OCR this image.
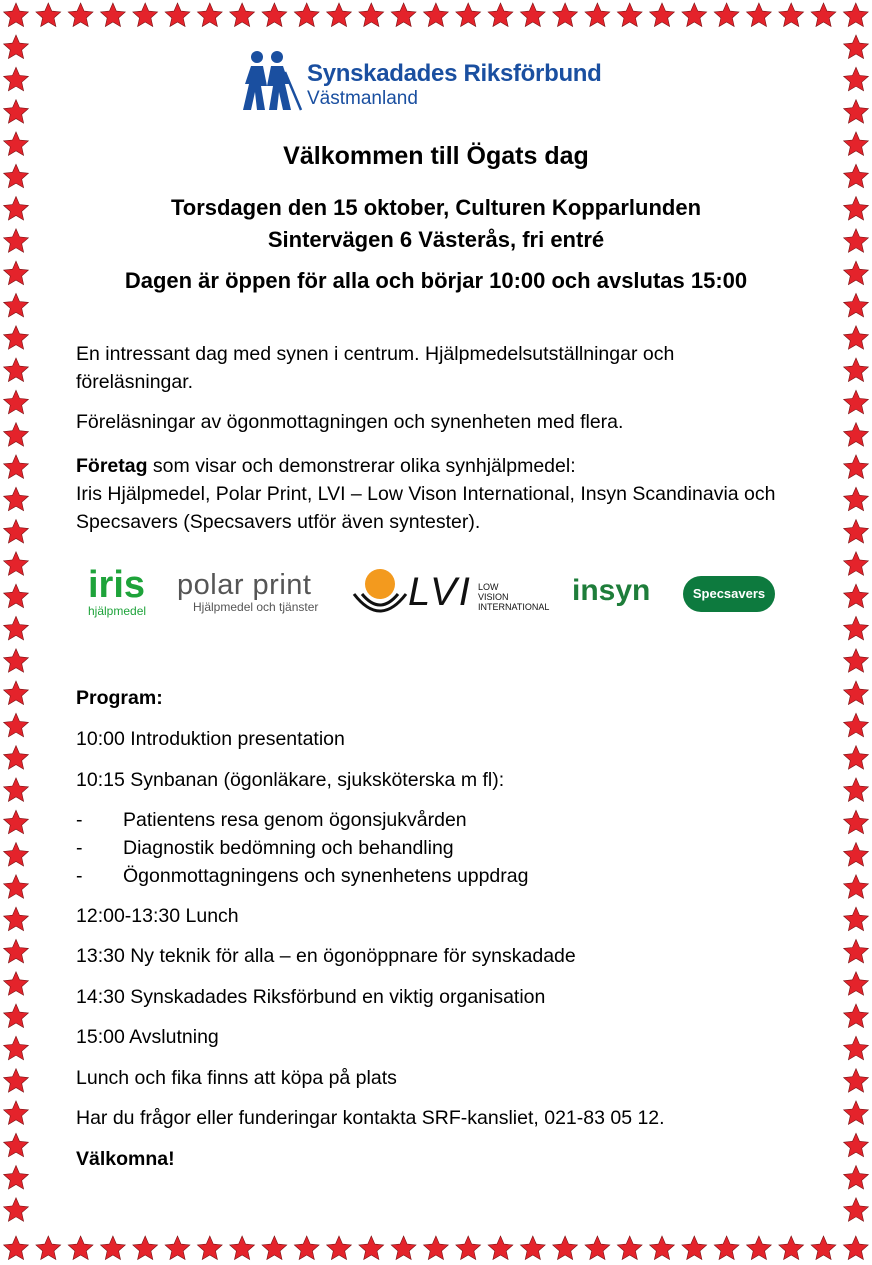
Synskadades Riksförbund
Västmanland
Välkommen till Ögats dag
Torsdagen den 15 oktober, Culturen Kopparlunden
Sintervägen 6 Västerås, fri entré
Dagen är öppen för alla och börjar 10:00 och avslutas 15:00
En intressant dag med synen i centrum. Hjälpmedelsutställningar och föreläsningar.
Föreläsningar av ögonmottagningen och synenheten med flera.
Företag som visar och demonstrerar olika synhjälpmedel:
Iris Hjälpmedel, Polar Print, LVI – Low Vison International, Insyn Scandinavia och Specsavers (Specsavers utför även syntester).
iris
hjälpmedel
polar print
Hjälpmedel och tjänster LVI LOW
VISION
INTERNATIONAL insyn	Specsavers
Program:
10:00 Introduktion presentation
10:15 Synbanan (ögonläkare, sjuksköterska m fl):
- Patientens resa genom ögonsjukvården
- Diagnostik bedömning och behandling
- Ögonmottagningens och synenhetens uppdrag
12:00-13:30 Lunch
13:30 Ny teknik för alla – en ögonöppnare för synskadade
14:30 Synskadades Riksförbund en viktig organisation
15:00 Avslutning
Lunch och fika finns att köpa på plats
Har du frågor eller funderingar kontakta SRF-kansliet, 021-83 05 12.
Välkomna!
